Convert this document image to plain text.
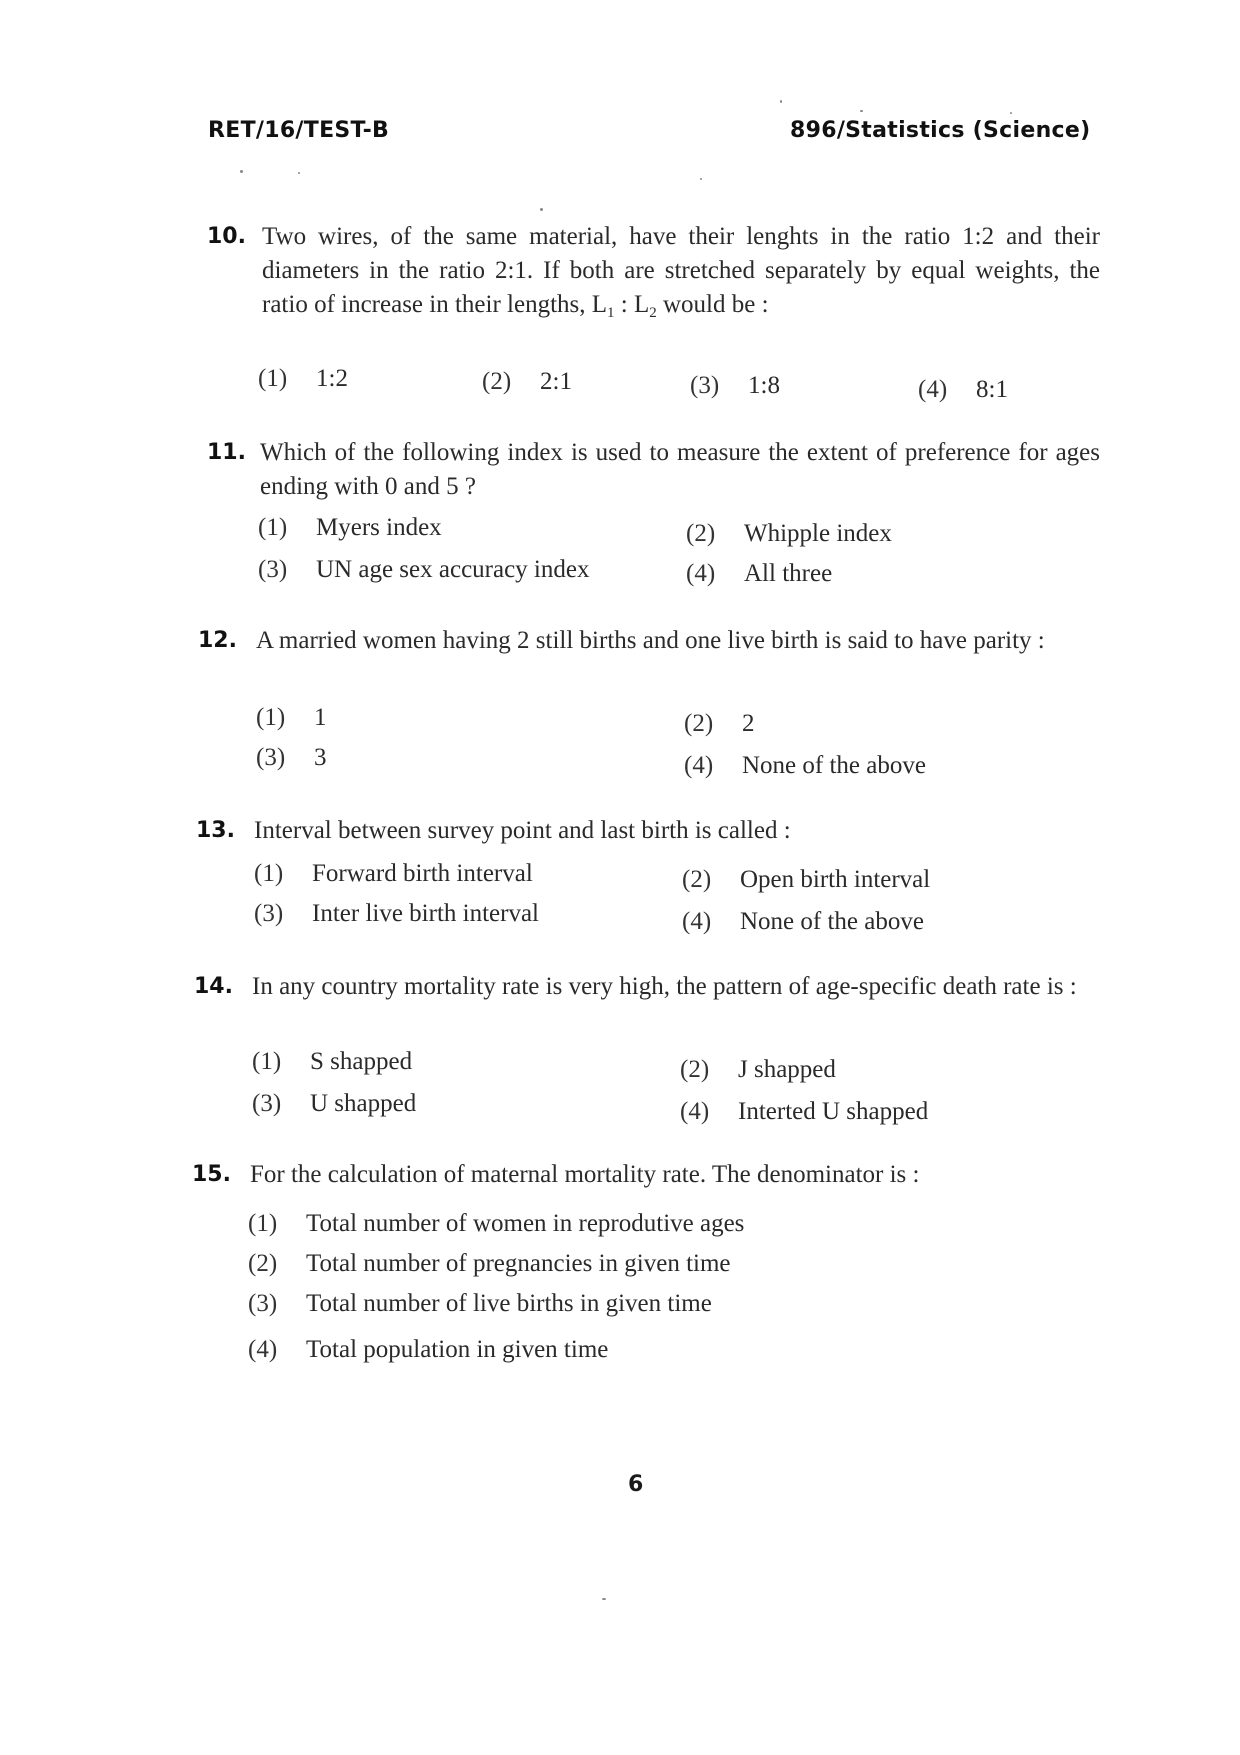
RET/16/TEST-B	896/Statistics (Science)
10. Two wires, of the same material, have their lenghts in the ratio 1:2 and their diameters in the ratio 2:1. If both are stretched separately by equal weights, the ratio of increase in their lengths, $L_1$ : $L_2$ would be :
(1) 1:2	(2) 2:1	(3) 1:8	(4) 8:1
11. Which of the following index is used to measure the extent of preference for ages ending with 0 and 5 ?
(1) Myers index	(2) Whipple index
(3) UN age sex accuracy index	(4) All three
12. A married women having 2 still births and one live birth is said to have parity :
(1) 1	(2) 2
(3) 3	(4) None of the above
13. Interval between survey point and last birth is called :
(1) Forward birth interval	(2) Open birth interval
(3) Inter live birth interval	(4) None of the above
14. In any country mortality rate is very high, the pattern of age-specific death rate is :
(1) S shapped	(2) J shapped
(3) U shapped	(4) Interted U shapped
15. For the calculation of maternal mortality rate. The denominator is :
(1) Total number of women in reprodutive ages
(2) Total number of pregnancies in given time
(3) Total number of live births in given time
(4) Total population in given time
6
